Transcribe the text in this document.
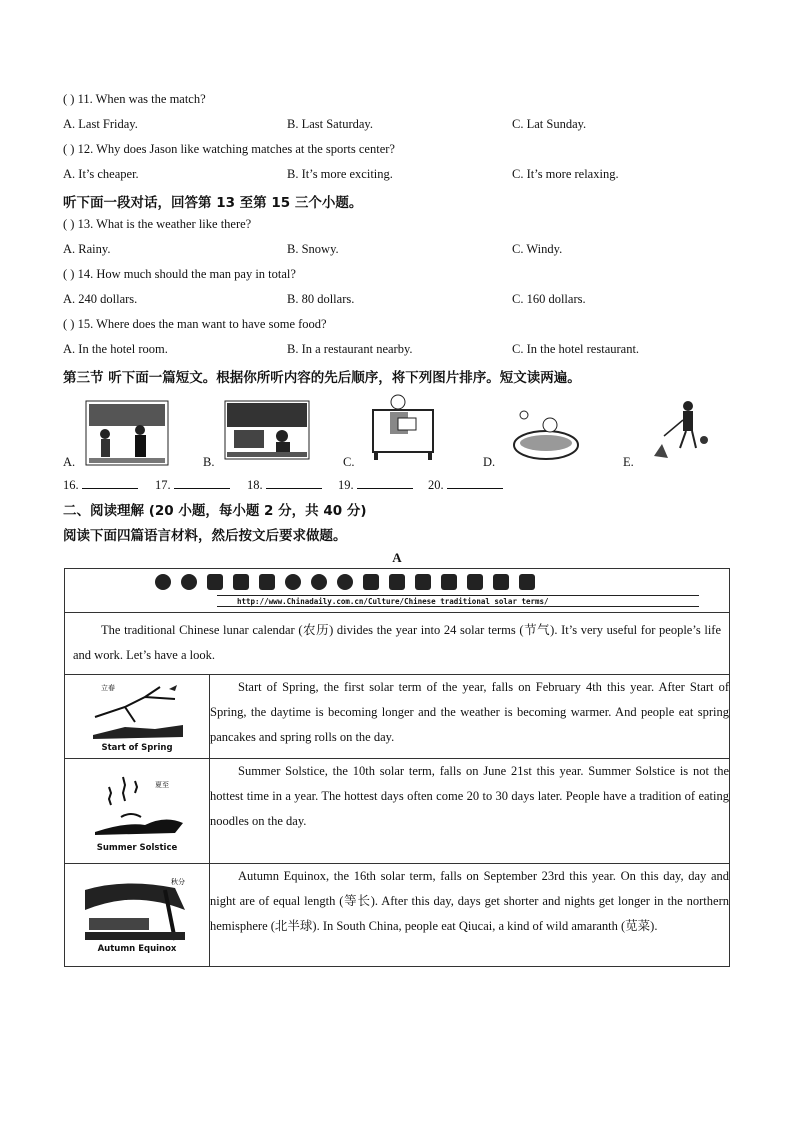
( ) 11. When was the match?
A. Last Friday.	B. Last Saturday.	C. Lat Sunday.
( ) 12. Why does Jason like watching matches at the sports center?
A. It’s cheaper.	B. It’s more exciting.	C. It’s more relaxing.
听下面一段对话，回答第 13 至第 15 三个小题。
( ) 13. What is the weather like there?
A. Rainy.	B. Snowy.	C. Windy.
( ) 14. How much should the man pay in total?
A. 240 dollars.	B. 80 dollars.	C. 160 dollars.
( ) 15. Where does the man want to have some food?
A. In the hotel room.	B. In a restaurant nearby.	C. In the hotel restaurant.
第三节 听下面一篇短文。根据你所听内容的先后顺序，将下列图片排序。短文读两遍。
A.	B.	C.	D.	E.
16.	17.	18.	19.	20.
二、阅读理解 (20 小题，每小题 2 分，共 40 分)
阅读下面四篇语言材料，然后按文后要求做题。
A
http://www.Chinadaily.com.cn/Culture/Chinese traditional solar terms/	

The traditional Chinese lunar calendar (农历) divides the year into 24 solar terms (节气). It’s very useful for people’s life and work. Let’s have a look.	

立春
Start of Spring	Start of Spring, the first solar term of the year, falls on February 4th this year. After Start of Spring, the daytime is becoming longer and the weather is becoming warmer. And people eat spring pancakes and spring rolls on the day.

夏至
Summer Solstice	Summer Solstice, the 10th solar term, falls on June 21st this year. Summer Solstice is not the hottest time in a year. The hottest days often come 20 to 30 days later. People have a tradition of eating noodles on the day.

秋分
Autumn Equinox	Autumn Equinox, the 16th solar term, falls on September 23rd this year. On this day, day and night are of equal length (等长). After this day, days get shorter and nights get longer in the northern hemisphere (北半球). In South China, people eat Qiucai, a kind of wild amaranth (苋菜).
